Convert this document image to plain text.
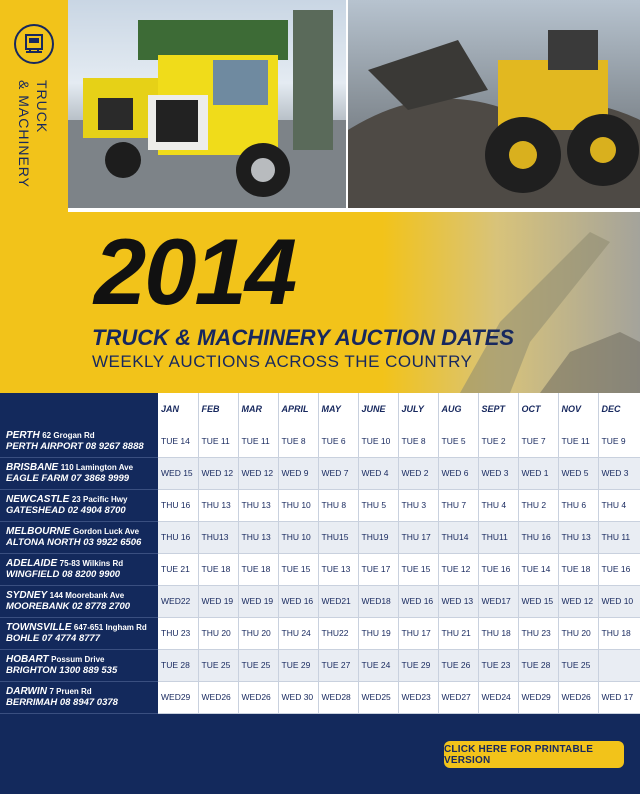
TRUCK
& MACHINERY
2014
TRUCK & MACHINERY AUCTION DATES
WEEKLY AUCTIONS ACROSS THE COUNTRY
	JAN	FEB	MAR	APRIL	MAY	JUNE	JULY	AUG	SEPT	OCT	NOV	DEC
PERTH 62 Grogan Rd
PERTH AIRPORT 08 9267 8888	TUE 14	TUE 11	TUE 11	TUE 8	TUE 6	TUE 10	TUE 8	TUE 5	TUE 2	TUE 7	TUE 11	TUE 9
BRISBANE 110 Lamington Ave
EAGLE FARM 07 3868 9999	WED 15	WED 12	WED 12	WED 9	WED 7	WED 4	WED 2	WED 6	WED 3	WED 1	WED 5	WED 3
NEWCASTLE 23 Pacific Hwy
GATESHEAD 02 4904 8700	THU 16	THU 13	THU 13	THU 10	THU 8	THU 5	THU 3	THU 7	THU 4	THU 2	THU 6	THU 4
MELBOURNE Gordon Luck Ave
ALTONA NORTH 03 9922 6506	THU 16	THU13	THU 13	THU 10	THU15	THU19	THU 17	THU14	THU11	THU 16	THU 13	THU 11
ADELAIDE 75-83 Wilkins Rd
WINGFIELD 08 8200 9900	TUE 21	TUE 18	TUE 18	TUE 15	TUE 13	TUE 17	TUE 15	TUE 12	TUE 16	TUE 14	TUE 18	TUE 16
SYDNEY 144 Moorebank Ave
MOOREBANK 02 8778 2700	WED22	WED 19	WED 19	WED 16	WED21	WED18	WED 16	WED 13	WED17	WED 15	WED 12	WED 10
TOWNSVILLE 647-651 Ingham Rd
BOHLE 07 4774 8777	THU 23	THU 20	THU 20	THU 24	THU22	THU 19	THU 17	THU 21	THU 18	THU 23	THU 20	THU 18
HOBART Possum Drive
BRIGHTON 1300 889 535	TUE 28	TUE 25	TUE 25	TUE 29	TUE 27	TUE 24	TUE 29	TUE 26	TUE 23	TUE 28	TUE 25	
DARWIN 7 Pruen Rd
BERRIMAH 08 8947 0378	WED29	WED26	WED26	WED 30	WED28	WED25	WED23	WED27	WED24	WED29	WED26	WED 17
CLICK HERE FOR PRINTABLE VERSION
